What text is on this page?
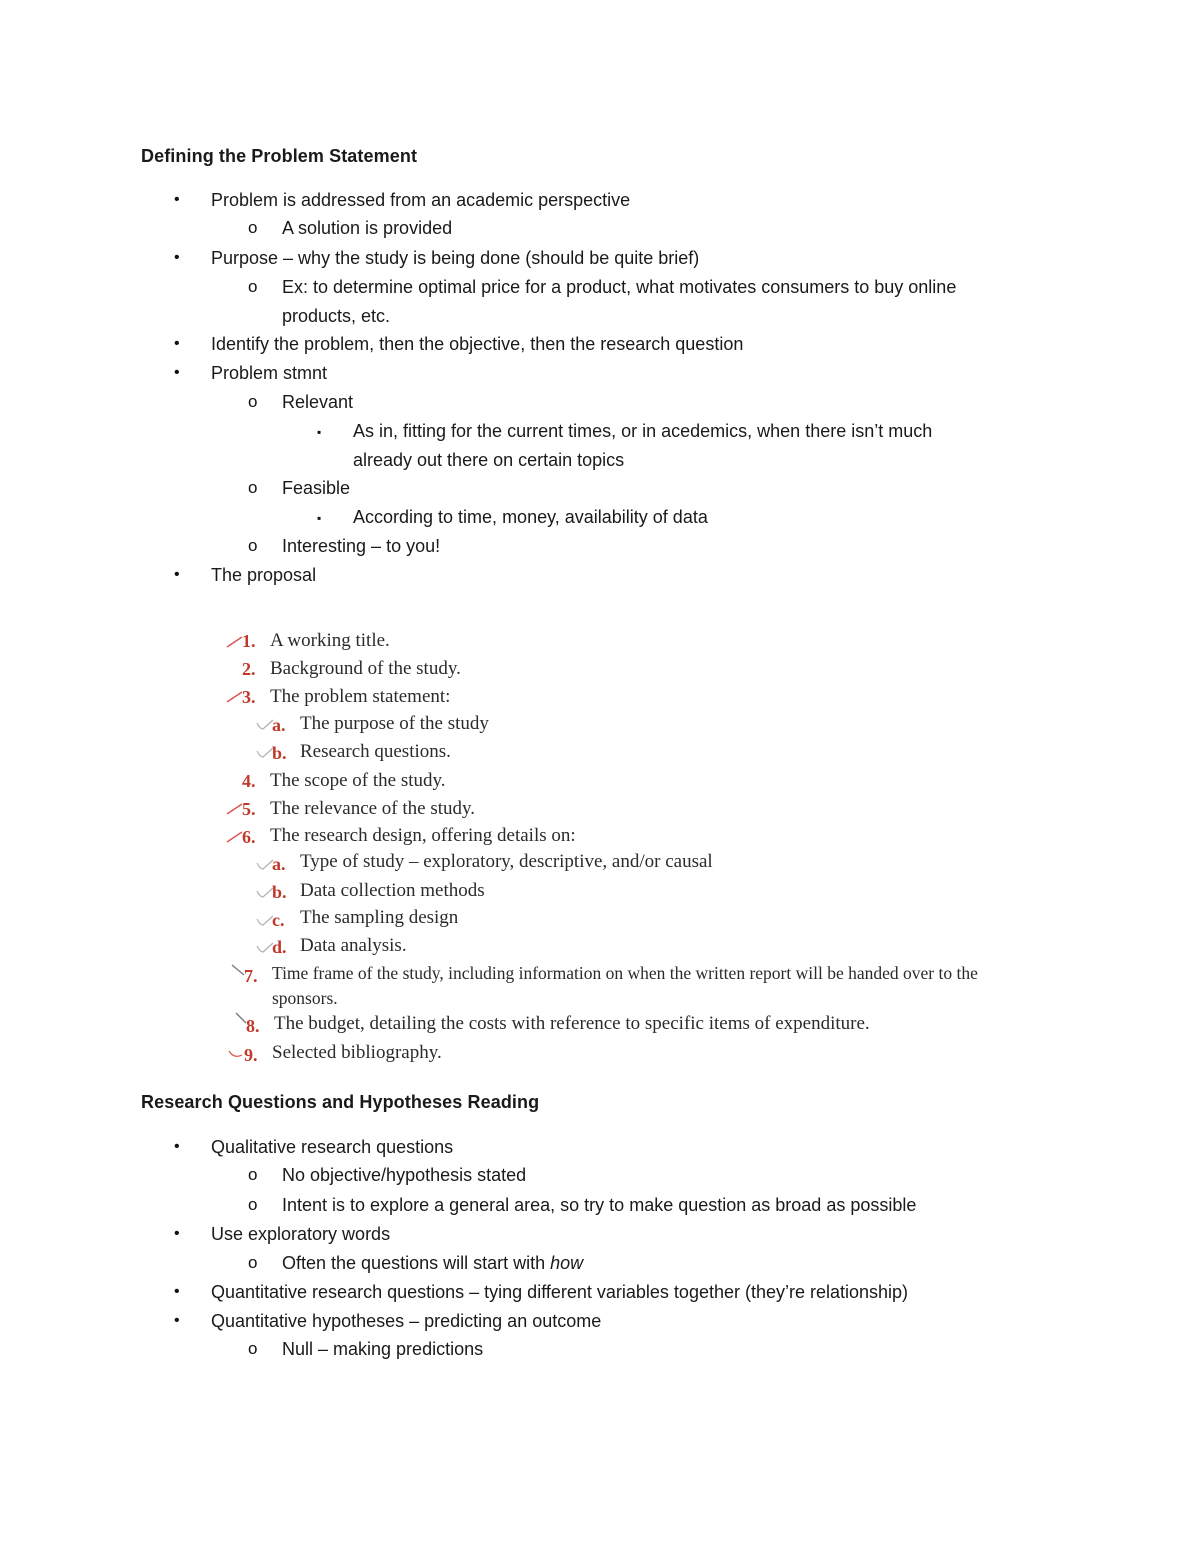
Defining the Problem Statement
• Problem is addressed from an academic perspective
o A solution is provided
• Purpose – why the study is being done (should be quite brief)
o Ex: to determine optimal price for a product, what motivates consumers to buy online
products, etc.
• Identify the problem, then the objective, then the research question
• Problem stmnt
o Relevant
▪ As in, fitting for the current times, or in acedemics, when there isn’t much
already out there on certain topics
o Feasible
▪ According to time, money, availability of data
o Interesting – to you!
• The proposal
1. A working title.
2. Background of the study.
3. The problem statement:
a. The purpose of the study
b. Research questions.
4. The scope of the study.
5. The relevance of the study.
6. The research design, offering details on:
a. Type of study – exploratory, descriptive, and/or causal
b. Data collection methods
c. The sampling design
d. Data analysis.
7. Time frame of the study, including information on when the written report will be handed over to the
sponsors.
8. The budget, detailing the costs with reference to specific items of expenditure.
9. Selected bibliography.
Research Questions and Hypotheses Reading
• Qualitative research questions
o No objective/hypothesis stated
o Intent is to explore a general area, so try to make question as broad as possible
• Use exploratory words
o Often the questions will start with how
• Quantitative research questions – tying different variables together (they’re relationship)
• Quantitative hypotheses – predicting an outcome
o Null – making predictions
